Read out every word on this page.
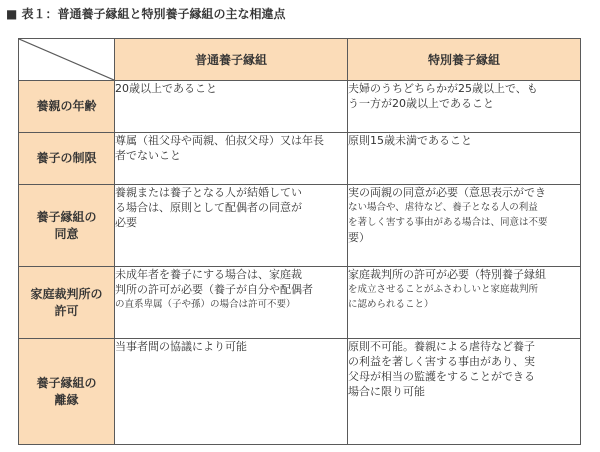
■ 表１：普通養子縁組と特別養子縁組の主な相違点
	普通養子縁組	特別養子縁組

養親の年齢	20歳以上であること	夫婦のうちどちらかが25歳以上で、も
う一方が20歳以上であること

養子の制限	尊属（祖父母や両親、伯叔父母）又は年長
者でないこと	原則15歳未満であること

養子縁組の
同意	養親または養子となる人が結婚してい
る場合は、原則として配偶者の同意が
必要	実の両親の同意が必要（意思表示ができ
ない場合や、虐待など、養子となる人の利益
を著しく害する事由がある場合は、同意は不要
要）

家庭裁判所の
許可	未成年者を養子にする場合は、家庭裁
判所の許可が必要（養子が自分や配偶者
の直系卑属（子や孫）の場合は許可不要）	家庭裁判所の許可が必要（特別養子縁組
を成立させることがふさわしいと家庭裁判所
に認められること）

養子縁組の
離縁	当事者間の協議により可能	原則不可能。養親による虐待など養子
の利益を著しく害する事由があり、実
父母が相当の監護をすることができる
場合に限り可能
